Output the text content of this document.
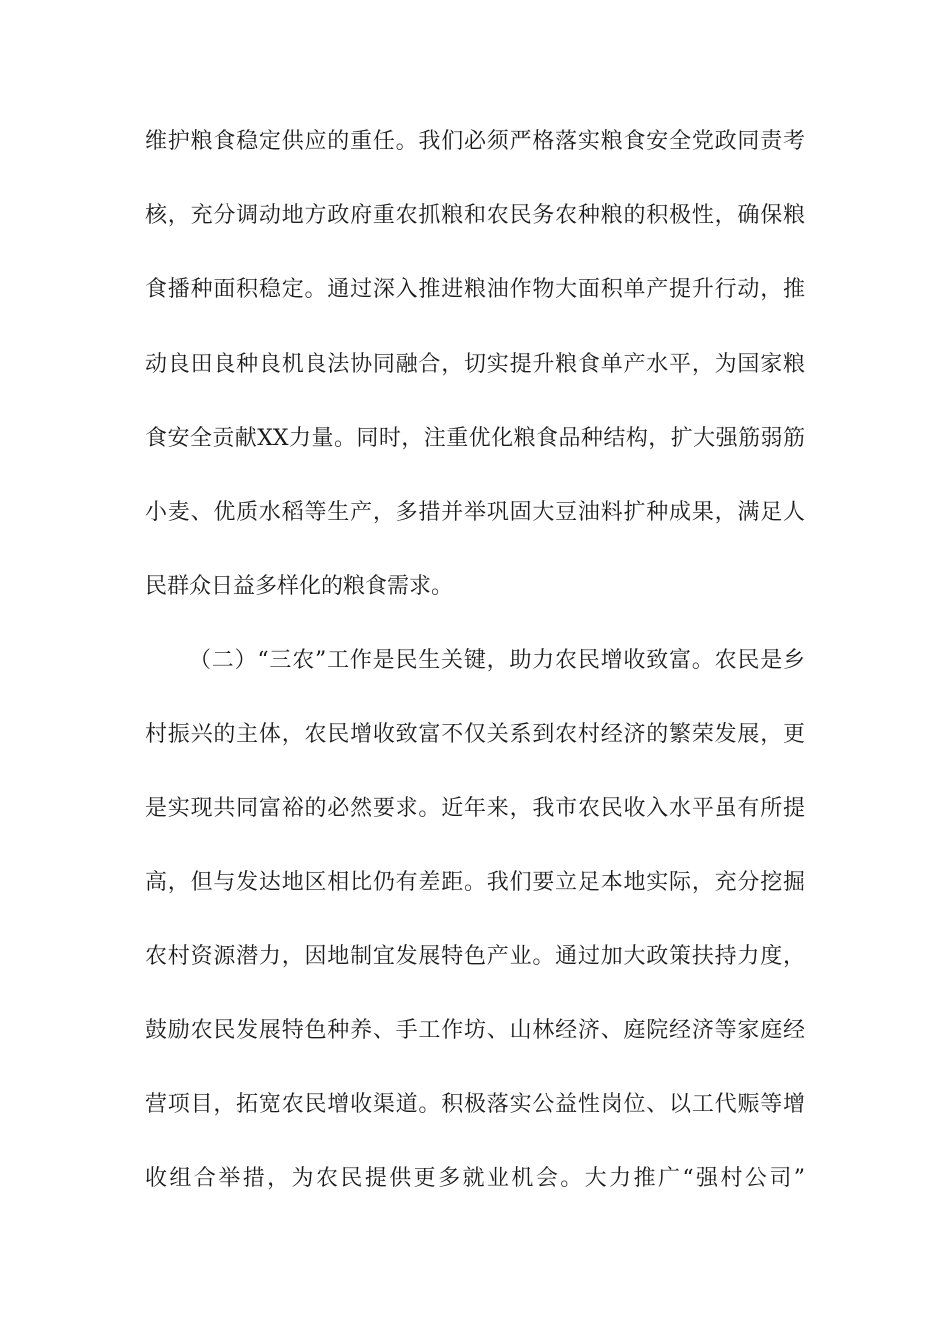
维护粮食稳定供应的重任。我们必须严格落实粮食安全党政同责考
核，充分调动地方政府重农抓粮和农民务农种粮的积极性，确保粮
食播种面积稳定。通过深入推进粮油作物大面积单产提升行动，推
动良田良种良机良法协同融合，切实提升粮食单产水平，为国家粮
食安全贡献XX力量。同时，注重优化粮食品种结构，扩大强筋弱筋
小麦、优质水稻等生产，多措并举巩固大豆油料扩种成果，满足人
民群众日益多样化的粮食需求。
（二）“三农”工作是民生关键，助力农民增收致富。农民是乡
村振兴的主体，农民增收致富不仅关系到农村经济的繁荣发展，更
是实现共同富裕的必然要求。近年来，我市农民收入水平虽有所提
高，但与发达地区相比仍有差距。我们要立足本地实际，充分挖掘
农村资源潜力，因地制宜发展特色产业。通过加大政策扶持力度，
鼓励农民发展特色种养、手工作坊、山林经济、庭院经济等家庭经
营项目，拓宽农民增收渠道。积极落实公益性岗位、以工代赈等增
收组合举措，为农民提供更多就业机会。大力推广“强村公司”
